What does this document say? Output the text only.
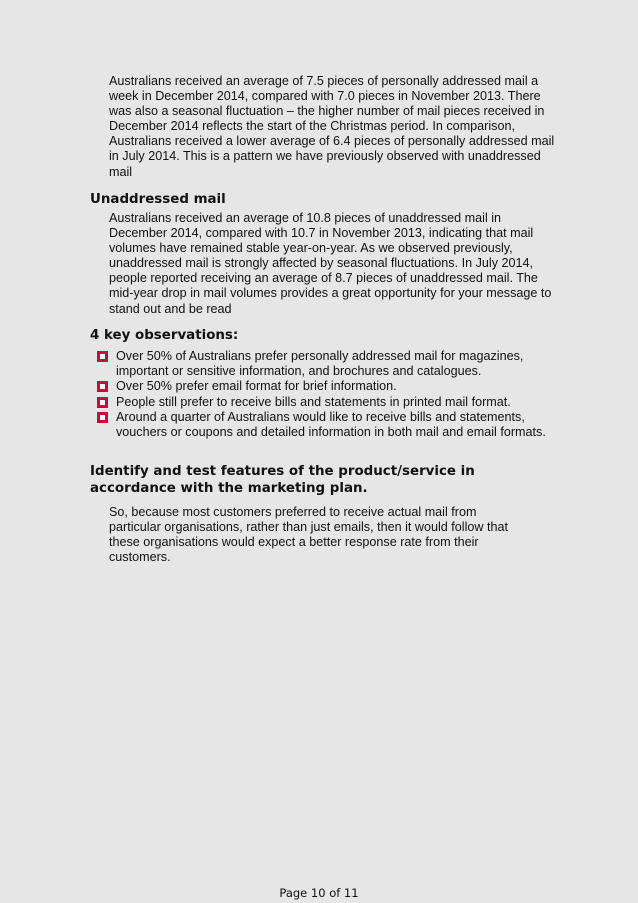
Australians received an average of 7.5 pieces of personally addressed mail a week in December 2014, compared with 7.0 pieces in November 2013. There was also a seasonal fluctuation – the higher number of mail pieces received in December 2014 reflects the start of the Christmas period. In comparison, Australians received a lower average of 6.4 pieces of personally addressed mail in July 2014. This is a pattern we have previously observed with unaddressed mail

Unaddressed mail

Australians received an average of 10.8 pieces of unaddressed mail in December 2014, compared with 10.7 in November 2013, indicating that mail volumes have remained stable year-on-year. As we observed previously, unaddressed mail is strongly affected by seasonal fluctuations. In July 2014, people reported receiving an average of 8.7 pieces of unaddressed mail. The mid-year drop in mail volumes provides a great opportunity for your message to stand out and be read

4 key observations:
Over 50% of Australians prefer personally addressed mail for magazines, important or sensitive information, and brochures and catalogues.
Over 50% prefer email format for brief information.
People still prefer to receive bills and statements in printed mail format.
Around a quarter of Australians would like to receive bills and statements, vouchers or coupons and detailed information in both mail and email formats.
Identify and test features of the product/service in accordance with the marketing plan.

So, because most customers preferred to receive actual mail from particular organisations, rather than just emails, then it would follow that these organisations would expect a better response rate from their customers.

Page 10 of 11
